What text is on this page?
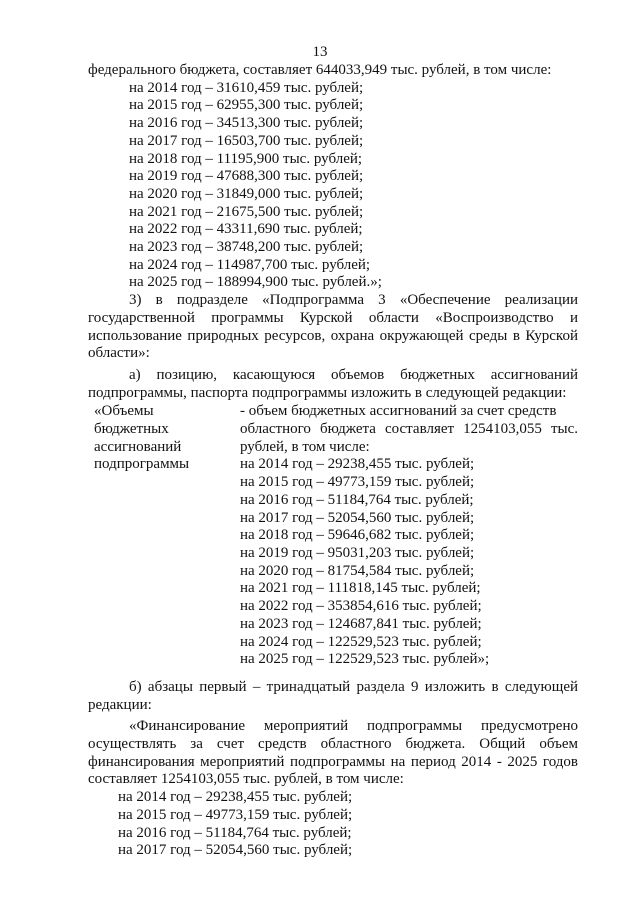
13

федерального бюджета, составляет 644033,949 тыс. рублей, в том числе:

на 2014 год – 31610,459 тыс. рублей;
на 2015 год – 62955,300 тыс. рублей;
на 2016 год – 34513,300 тыс. рублей;
на 2017 год – 16503,700 тыс. рублей;
на 2018 год – 11195,900 тыс. рублей;
на 2019 год – 47688,300 тыс. рублей;
на 2020 год – 31849,000 тыс. рублей;
на 2021 год – 21675,500 тыс. рублей;
на 2022 год – 43311,690 тыс. рублей;
на 2023 год – 38748,200 тыс. рублей;
на 2024 год – 114987,700 тыс. рублей;
на 2025 год – 188994,900 тыс. рублей.»;
3) в подразделе «Подпрограмма 3 «Обеспечение реализации
государственной программы Курской области «Воспроизводство и
использование природных ресурсов, охрана окружающей среды в Курской
области»:
а) позицию, касающуюся объемов бюджетных ассигнований
подпрограммы, паспорта подпрограммы изложить в следующей редакции:
«Объемы
бюджетных
ассигнований
подпрограммы
- объем бюджетных ассигнований за счет средств
областного бюджета составляет 1254103,055 тыс.
рублей, в том числе:
на 2014 год – 29238,455 тыс. рублей;
на 2015 год – 49773,159 тыс. рублей;
на 2016 год – 51184,764 тыс. рублей;
на 2017 год – 52054,560 тыс. рублей;
на 2018 год – 59646,682 тыс. рублей;
на 2019 год – 95031,203 тыс. рублей;
на 2020 год – 81754,584 тыс. рублей;
на 2021 год – 111818,145 тыс. рублей;
на 2022 год – 353854,616 тыс. рублей;
на 2023 год – 124687,841 тыс. рублей;
на 2024 год – 122529,523 тыс. рублей;
на 2025 год – 122529,523 тыс. рублей»;
б) абзацы первый – тринадцатый раздела 9 изложить в следующей
редакции:
«Финансирование мероприятий подпрограммы предусмотрено
осуществлять за счет средств областного бюджета. Общий объем
финансирования мероприятий подпрограммы на период 2014 - 2025 годов
составляет 1254103,055 тыс. рублей, в том числе:
на 2014 год – 29238,455 тыс. рублей;
на 2015 год – 49773,159 тыс. рублей;
на 2016 год – 51184,764 тыс. рублей;
на 2017 год – 52054,560 тыс. рублей;
